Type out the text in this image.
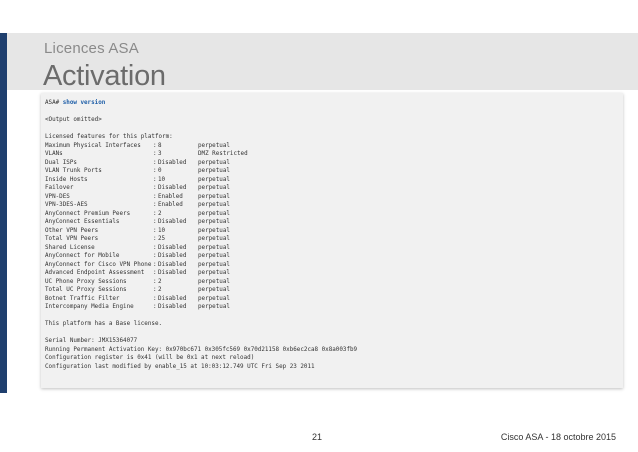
Licences ASA
Activation
ASA# show version
<Output omitted>
Licensed features for this platform:
Maximum Physical Interfaces :8	perpetual
VLANs	:3	DMZ Restricted
Dual ISPs	:Disabled perpetual
VLAN Trunk Ports	:0	perpetual
Inside Hosts	:10	perpetual
Failover	:Disabled perpetual
VPN-DES	:Enabled	perpetual
VPN-3DES-AES	:Enabled	perpetual
AnyConnect Premium Peers	:2	perpetual
AnyConnect Essentials	:Disabled perpetual
Other VPN Peers	:10	perpetual
Total VPN Peers	:25	perpetual
Shared License	:Disabled perpetual
AnyConnect for Mobile	:Disabled perpetual
AnyConnect for Cisco VPN Phone :Disabled perpetual
Advanced Endpoint Assessment :Disabled perpetual
UC Phone Proxy Sessions	:2	perpetual
Total UC Proxy Sessions	:2	perpetual
Botnet Traffic Filter	:Disabled perpetual
Intercompany Media Engine	:Disabled perpetual
This platform has a Base license.
Serial Number: JMX15364077
Running Permanent Activation Key: 0x970bc671 0x305fc569 0x70d21158 0xb6ec2ca8 0x8a003fb9
Configuration register is 0x41 (will be 0x1 at next reload)
Configuration last modified by enable_15 at 10:03:12.749 UTC Fri Sep 23 2011
21	Cisco ASA - 18 octobre 2015
